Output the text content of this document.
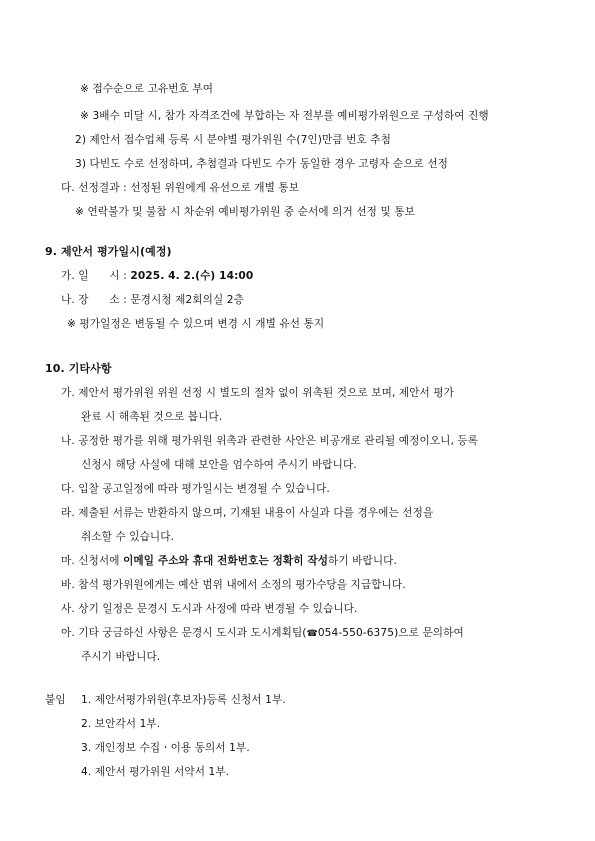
※ 접수순으로 고유번호 부여
※ 3배수 미달 시, 참가 자격조건에 부합하는 자 전부를 예비평가위원으로 구성하여 진행
2) 제안서 접수업체 등록 시 분야별 평가위원 수(7인)만큼 번호 추첨
3) 다빈도 수로 선정하며, 추첨결과 다빈도 수가 동일한 경우 고령자 순으로 선정
다. 선정결과 : 선정된 위원에게 유선으로 개별 통보
※ 연락불가 및 불참 시 차순위 예비평가위원 중 순서에 의거 선정 및 통보
9. 제안서 평가일시(예정)
가. 일      시 : 2025. 4. 2.(수) 14:00
나. 장      소 : 문경시청 제2회의실 2층
※ 평가일정은 변동될 수 있으며 변경 시 개별 유선 통지
10. 기타사항
가. 제안서 평가위원 위원 선정 시 별도의 절차 없이 위촉된 것으로 보며, 제안서 평가
완료 시 해촉된 것으로 봅니다.
나. 공정한 평가를 위해 평가위원 위촉과 관련한 사안은 비공개로 관리될 예정이오니, 등록
신청시 해당 사실에 대해 보안을 엄수하여 주시기 바랍니다.
다. 입찰 공고일정에 따라 평가일시는 변경될 수 있습니다.
라. 제출된 서류는 반환하지 않으며, 기재된 내용이 사실과 다를 경우에는 선정을
취소할 수 있습니다.
마. 신청서에 이메일 주소와 휴대 전화번호는 정확히 작성하기 바랍니다.
바. 참석 평가위원에게는 예산 범위 내에서 소정의 평가수당을 지급합니다.
사. 상기 일정은 문경시 도시과 사정에 따라 변경될 수 있습니다.
아. 기타 궁금하신 사항은 문경시 도시과 도시계획팀(☎054-550-6375)으로 문의하여
주시기 바랍니다.
붙임 1. 제안서평가위원(후보자)등록 신청서 1부.
2. 보안각서 1부.
3. 개인정보 수집ㆍ이용 동의서 1부.
4. 제안서 평가위원 서약서 1부.
